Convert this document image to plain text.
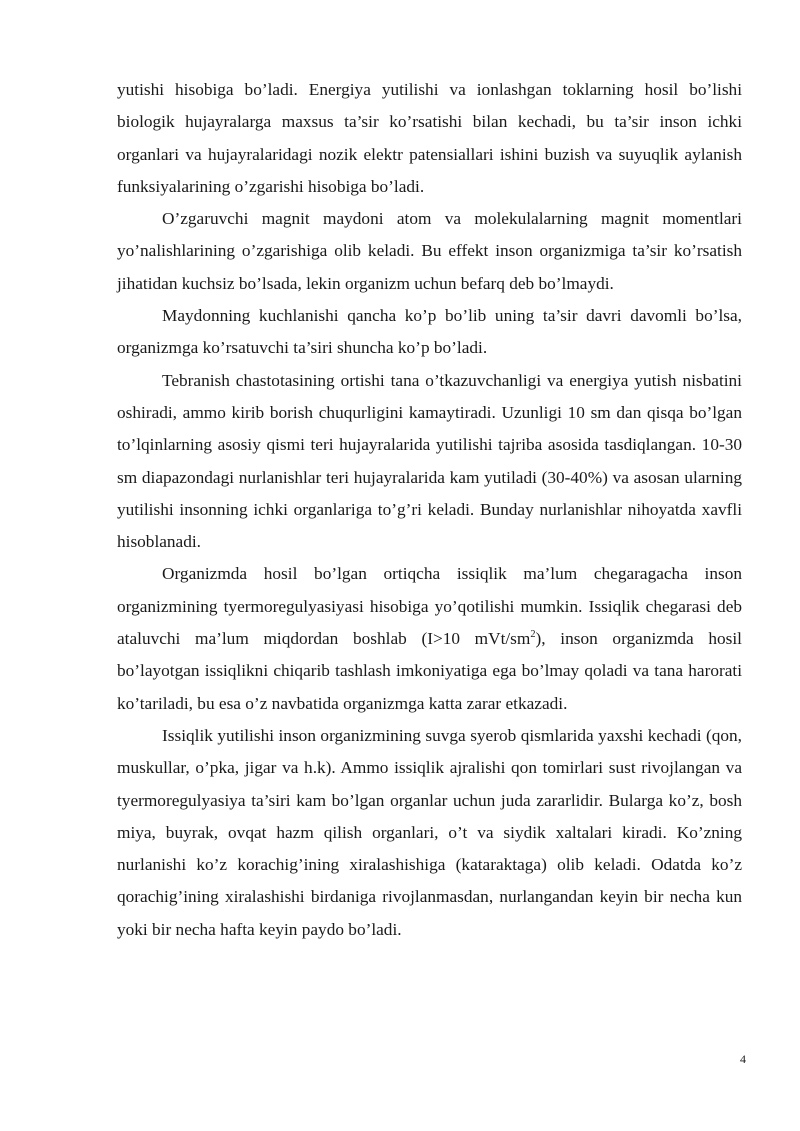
yutishi hisobiga bo’ladi. Energiya yutilishi va ionlashgan toklarning hosil bo’lishi biologik hujayralarga maxsus ta’sir ko’rsatishi bilan kechadi, bu ta’sir inson ichki organlari va hujayralaridagi nozik elektr patensiallari ishini buzish va suyuqlik aylanish funksiyalarining o’zgarishi hisobiga bo’ladi.

O’zgaruvchi magnit maydoni atom va molekulalarning magnit momentlari yo’nalishlarining o’zgarishiga olib keladi. Bu effekt inson organizmiga ta’sir ko’rsatish jihatidan kuchsiz bo’lsada, lekin organizm uchun befarq deb bo’lmaydi.

Maydonning kuchlanishi qancha ko’p bo’lib uning ta’sir davri davomli bo’lsa, organizmga ko’rsatuvchi ta’siri shuncha ko’p bo’ladi.

Tebranish chastotasining ortishi tana o’tkazuvchanligi va energiya yutish nisbatini oshiradi, ammo kirib borish chuqurligini kamaytiradi. Uzunligi 10 sm dan qisqa bo’lgan to’lqinlarning asosiy qismi teri hujayralarida yutilishi tajriba asosida tasdiqlangan. 10-30 sm diapazondagi nurlanishlar teri hujayralarida kam yutiladi (30-40%) va asosan ularning yutilishi insonning ichki organlariga to’g’ri keladi. Bunday nurlanishlar nihoyatda xavfli hisoblanadi.

Organizmda hosil bo’lgan ortiqcha issiqlik ma’lum chegaragacha inson organizmining tyermoregulyasiyasi hisobiga yo’qotilishi mumkin. Issiqlik chegarasi deb ataluvchi ma’lum miqdordan boshlab (I>10 mVt/$sm^2$), inson organizmda hosil bo’layotgan issiqlikni chiqarib tashlash imkoniyatiga ega bo’lmay qoladi va tana harorati ko’tariladi, bu esa o’z navbatida organizmga katta zarar etkazadi.

Issiqlik yutilishi inson organizmining suvga syerob qismlarida yaxshi kechadi (qon, muskullar, o’pka, jigar va h.k). Ammo issiqlik ajralishi qon tomirlari sust rivojlangan va tyermoregulyasiya ta’siri kam bo’lgan organlar uchun juda zararlidir. Bularga ko’z, bosh miya, buyrak, ovqat hazm qilish organlari, o’t va siydik xaltalari kiradi. Ko’zning nurlanishi ko’z korachig’ining xiralashishiga (kataraktaga) olib keladi. Odatda ko’z qorachig’ining xiralashishi birdaniga rivojlanmasdan, nurlangandan keyin bir necha kun yoki bir necha hafta keyin paydo bo’ladi.

4
